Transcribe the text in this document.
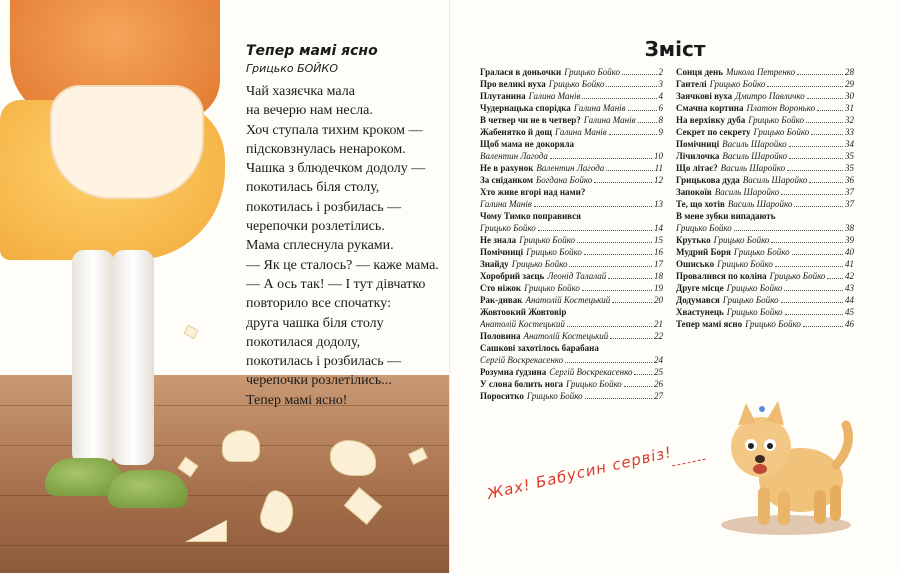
Тепер мамі ясно

Грицько БОЙКО

Чай хазяєчка мала
на вечерю нам несла.
Хоч ступала тихим кроком —
підсковзнулась ненароком.
Чашка з блюдечком додолу —
покотилась біля столу,
покотилась і розбилась —
черепочки розлетілись.
Мама сплеснула руками.
— Як це сталось? — каже мама.
— А ось так! — І тут дівчатко
повторило все спочатку:
друга чашка біля столу
покотилася додолу,
покотилась і розбилась —
черепочки розлетілись...
Тепер мамі ясно!
Зміст
Гралася в доньочки Грицько Бойко	2
Про великі вуха Грицько Бойко	3
Плутанина Галина Манів	4
Чудернацька спорідка Галина Манів	6
В четвер чи не в четвер? Галина Манів	8
Жабенятко й дощ Галина Манів	9
Щоб мама не докоряла
Валентин Лагода	10
Не в рахунок Валентин Лагода	11
За сніданком Богдана Бойко	12
Хто живе вгорі над нами?
Галина Манів	13
Чому Тимко поправився
Грицько Бойко	14
Не знала Грицько Бойко	15
Помічниці Грицько Бойко	16
Знайду Грицько Бойко	17
Хоробрий заєць Леонід Талалай	18
Сто ніжок Грицько Бойко	19
Рак-дивак Анатолій Костецький	20
Жовтоокий Жовтовір
Анатолій Костецький	21
Половина Анатолій Костецький	22
Сашкові захотілось барабана
Сергій Воскрекасенко	24
Розумна ґудзина Сергій Воскрекасенко 25
У слона болить нога Грицько Бойко	26
Поросятко Грицько Бойко	27
Сонця день Микола Петренко	28
Гантелі Грицько Бойко	29
Заячкові вуха Дмитро Павличко	30
Смачна кортина Платон Воронько	31
На верхівку дуба Грицько Бойко	32
Секрет по секрету Грицько Бойко	33
Помічниці Василь Шаройко	34
Лічилочка Василь Шаройко	35
Що літає? Василь Шаройко	35
Грицькова дуда Василь Шаройко	36
Запокоїв Василь Шаройко	37
Те, що хотів Василь Шаройко	37
В мене зубки випадають
Грицько Бойко	38
Крутько Грицько Бойко	39
Мудрий Боря Грицько Бойко	40
Ошисько Грицько Бойко	41
Провалився по коліна Грицько Бойко 42
Друге місце Грицько Бойко	43
Додумався Грицько Бойко	44
Хвастунець Грицько Бойко	45
Тепер мамі ясно Грицько Бойко	46
Жах! Бабусин сервіз!
